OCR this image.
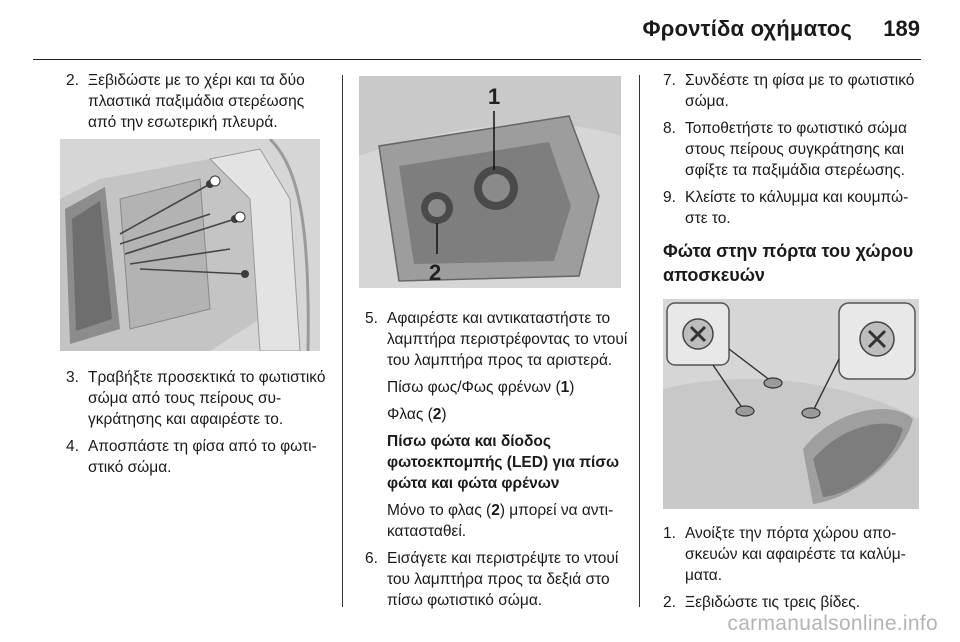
Φροντίδα οχήματος 189
2. Ξεβιδώστε με το χέρι και τα δύο πλαστικά παξιμάδια στερέωσης από την εσωτερική πλευρά.
3. Τραβήξτε προσεκτικά το φωτιστικό σώμα από τους πείρους συγκράτησης και αφαιρέστε το.
4. Αποσπάστε τη φίσα από το φωτιστικό σώμα.
1
2
5. Αφαιρέστε και αντικαταστήστε το λαμπτήρα περιστρέφοντας το ντουί του λαμπτήρα προς τα αριστερά.
Πίσω φως/Φως φρένων (1)
Φλας (2)
Πίσω φώτα και δίοδος φωτοεκπομπής (LED) για πίσω φώτα και φώτα φρένων
Μόνο το φλας (2) μπορεί να αντικατασταθεί.
6. Εισάγετε και περιστρέψτε το ντουί του λαμπτήρα προς τα δεξιά στο πίσω φωτιστικό σώμα.
7. Συνδέστε τη φίσα με το φωτιστικό σώμα.
8. Τοποθετήστε το φωτιστικό σώμα στους πείρους συγκράτησης και σφίξτε τα παξιμάδια στερέωσης.
9. Κλείστε το κάλυμμα και κουμπώστε το.
Φώτα στην πόρτα του χώρου αποσκευών
1. Ανοίξτε την πόρτα χώρου αποσκευών και αφαιρέστε τα καλύμματα.
2. Ξεβιδώστε τις τρεις βίδες.
carmanualsonline.info
